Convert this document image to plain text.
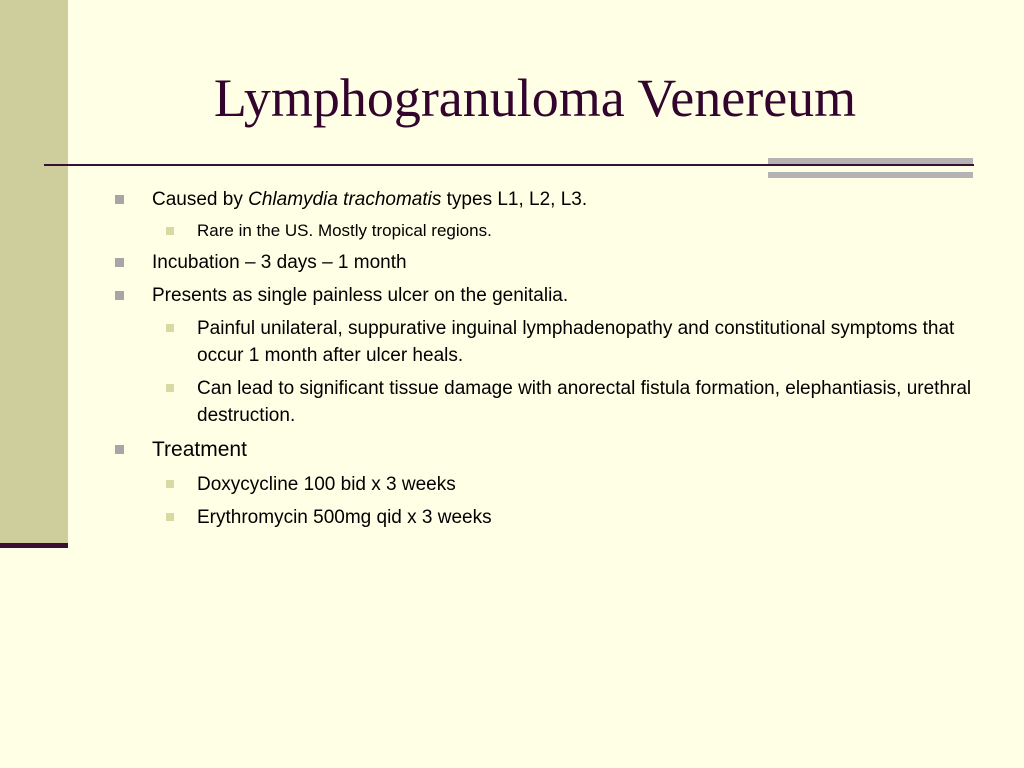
Lymphogranuloma Venereum
Caused by Chlamydia trachomatis types L1, L2, L3.
Rare in the US. Mostly tropical regions.
Incubation – 3 days – 1 month
Presents as single painless ulcer on the genitalia.
Painful unilateral, suppurative inguinal lymphadenopathy and constitutional symptoms that occur 1 month after ulcer heals.
Can lead to significant tissue damage with anorectal fistula formation, elephantiasis, urethral destruction.
Treatment
Doxycycline 100 bid x 3 weeks
Erythromycin 500mg qid x 3 weeks
